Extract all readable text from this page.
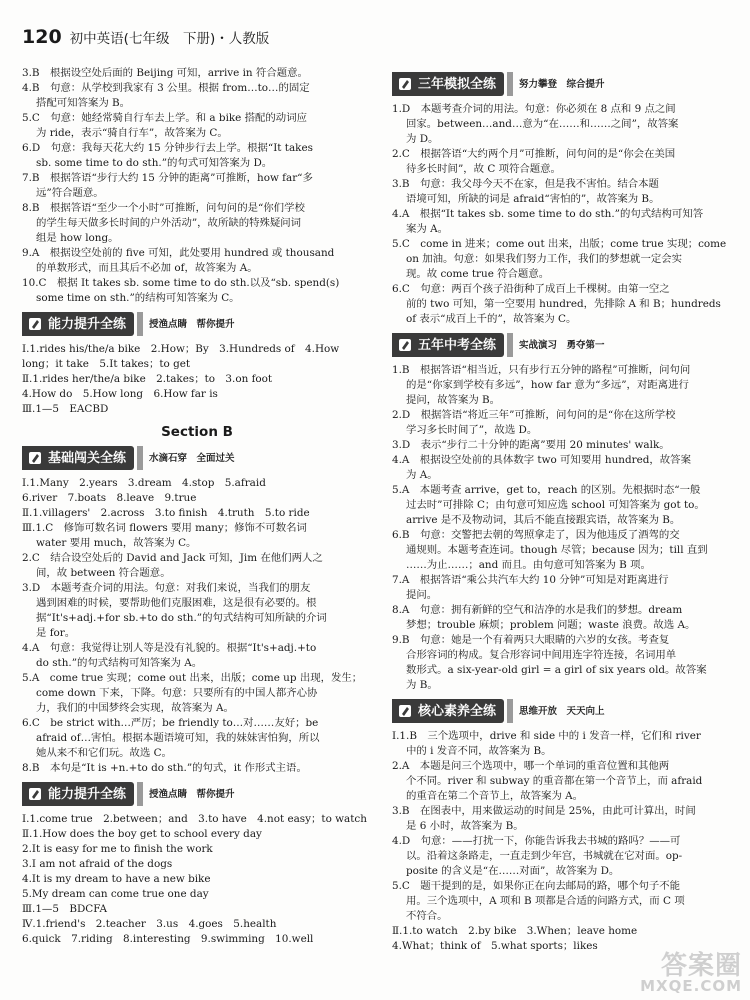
120 初中英语(七年级　下册)・人教版
3.B　根据设空处后面的 Beijing 可知，arrive in 符合题意。
4.B　句意：从学校到我家有 3 公里。根据 from…to…的固定
搭配可知答案为 B。
5.C　句意：她经常骑自行车去上学。和 a bike 搭配的动词应
为 ride，表示“骑自行车”，故答案为 C。
6.D　句意：我每天花大约 15 分钟步行去上学。根据“It takes
sb. some time to do sth.”的句式可知答案为 D。
7.B　根据答语“步行大约 15 分钟的距离”可推断，how far“多
远”符合题意。
8.B　根据答语“至少一个小时”可推断，问句问的是“你们学校
的学生每天做多长时间的户外活动”，故所缺的特殊疑问词
组是 how long。
9.A　根据设空处前的 five 可知，此处要用 hundred 或 thousand
的单数形式，而且其后不必加 of，故答案为 A。
10.C　根据 It takes sb. some time to do sth.以及“sb. spend(s)
some time on sth.”的结构可知答案为 C。
能力提升全练 授渔点睛　帮你提升
Ⅰ.1.rides his/the/a bike　2.How；By　3.Hundreds of　4.How
long；it take　5.It takes；to get
Ⅱ.1.rides her/the/a bike　2.takes；to　3.on foot
4.How do　5.How long　6.How far is
Ⅲ.1—5　EACBD
Section B
基础闯关全练 水滴石穿　全面过关
Ⅰ.1.Many　2.years　3.dream　4.stop　5.afraid
6.river　7.boats　8.leave　9.true
Ⅱ.1.villagers'　2.across　3.to finish　4.truth　5.to ride
Ⅲ.1.C　修饰可数名词 flowers 要用 many；修饰不可数名词
water 要用 much，故答案为 C。
2.C　结合设空处后的 David and Jack 可知，Jim 在他们两人之
间，故 between 符合题意。
3.D　本题考查介词的用法。句意：对我们来说，当我们的朋友
遇到困难的时候，要帮助他们克服困难，这是很有必要的。根
据“It's+adj.+for sb.+to do sth.”的句式结构可知所缺的介词
是 for。
4.A　句意：我觉得让别人等是没有礼貌的。根据“It's+adj.+to
do sth.”的句式结构可知答案为 A。
5.A　come true 实现；come out 出来，出版；come up 出现，发生；
come down 下来，下降。句意：只要所有的中国人都齐心协
力，我们的中国梦终会实现，故答案为 A。
6.C　be strict with…严厉；be friendly to…对……友好；be
afraid of…害怕。根据本题语境可知，我的妹妹害怕狗，所以
她从来不和它们玩。故选 C。
8.B　本句是“It is +n.+to do sth.”的句式，it 作形式主语。
能力提升全练 授渔点睛　帮你提升
Ⅰ.1.come true　2.between；and　3.to have　4.not easy；to watch
Ⅱ.1.How does the boy get to school every day
2.It is easy for me to finish the work
3.I am not afraid of the dogs
4.It is my dream to have a new bike
5.My dream can come true one day
Ⅲ.1—5　BDCFA
Ⅳ.1.friend's　2.teacher　3.us　4.goes　5.health
6.quick　7.riding　8.interesting　9.swimming　10.well
三年模拟全练 努力攀登　综合提升
1.D　本题考查介词的用法。句意：你必须在 8 点和 9 点之间
回家。between…and…意为“在……和……之间”，故答案
为 D。
2.C　根据答语“大约两个月”可推断，问句问的是“你会在美国
待多长时间”，故 C 项符合题意。
3.B　句意：我父母今天不在家，但是我不害怕。结合本题
语境可知，所缺的词是 afraid“害怕的”，故答案为 B。
4.A　根据“It takes sb. some time to do sth.”的句式结构可知答
案为 A。
5.C　come in 进来；come out 出来，出版；come true 实现；come
on 加油。句意：如果我们努力工作，我们的梦想就一定会实
现。故 come true 符合题意。
6.C　句意：两百个孩子沿街种了成百上千棵树。由第一空之
前的 two 可知，第一空要用 hundred，先排除 A 和 B；hundreds
of 表示“成百上千的”，故答案为 C。
五年中考全练 实战演习　勇夺第一
1.B　根据答语“相当近，只有步行五分钟的路程”可推断，问句问
的是“你家到学校有多远”，how far 意为“多远”，对距离进行
提问，故答案为 B。
2.D　根据答语“将近三年”可推断，问句问的是“你在这所学校
学习多长时间了”，故选 D。
3.D　表示“步行二十分钟的距离”要用 20 minutes' walk。
4.A　根据设空处前的具体数字 two 可知要用 hundred，故答案
为 A。
5.A　本题考查 arrive，get to，reach 的区别。先根据时态“一般
过去时”可排除 C；由句意可知应选 school 可知答案为 got to。
arrive 是不及物动词，其后不能直接跟宾语，故答案为 B。
6.B　句意：交警把去朝的驾照拿走了，因为他违反了酒驾的交
通规则。本题考查连词。though 尽管；because 因为；till 直到
……为止……；and 而且。由句意可知答案为 B 项。
7.A　根据答语“乘公共汽车大约 10 分钟”可知是对距离进行
提问。
8.A　句意：拥有新鲜的空气和洁净的水是我们的梦想。dream
梦想；trouble 麻烦；problem 问题；waste 浪费。故选 A。
9.B　句意：她是一个有着两只大眼睛的六岁的女孩。考查复
合形容词的构成。复合形容词中间用连字符连接，名词用单
数形式。a six-year-old girl = a girl of six years old。故答案
为 B。
核心素养全练 思维开放　天天向上
Ⅰ.1.B　三个选项中，drive 和 side 中的 i 发音一样，它们和 river
中的 i 发音不同，故答案为 B。
2.A　本题是问三个选项中，哪一个单词的重音位置和其他两
个不同。river 和 subway 的重音都在第一个音节上，而 afraid
的重音在第二个音节上，故答案为 A。
3.B　在图表中，用来做运动的时间是 25%，由此可计算出，时间
是 6 小时，故答案为 B。
4.D　句意：——打扰一下，你能告诉我去书城的路吗？——可
以。沿着这条路走，一直走到少年宫，书城就在它对面。op-
posite 的含义是“在……对面”，故答案为 D。
5.C　题干提到的是，如果你正在向去邮局的路，哪个句子不能
用。三个选项中，A 项和 B 项都是合适的问路方式，而 C 项
不符合。
Ⅱ.1.to watch　2.by bike　3.When；leave home
4.What；think of　5.what sports；likes
答案圈
MXQE.COM
